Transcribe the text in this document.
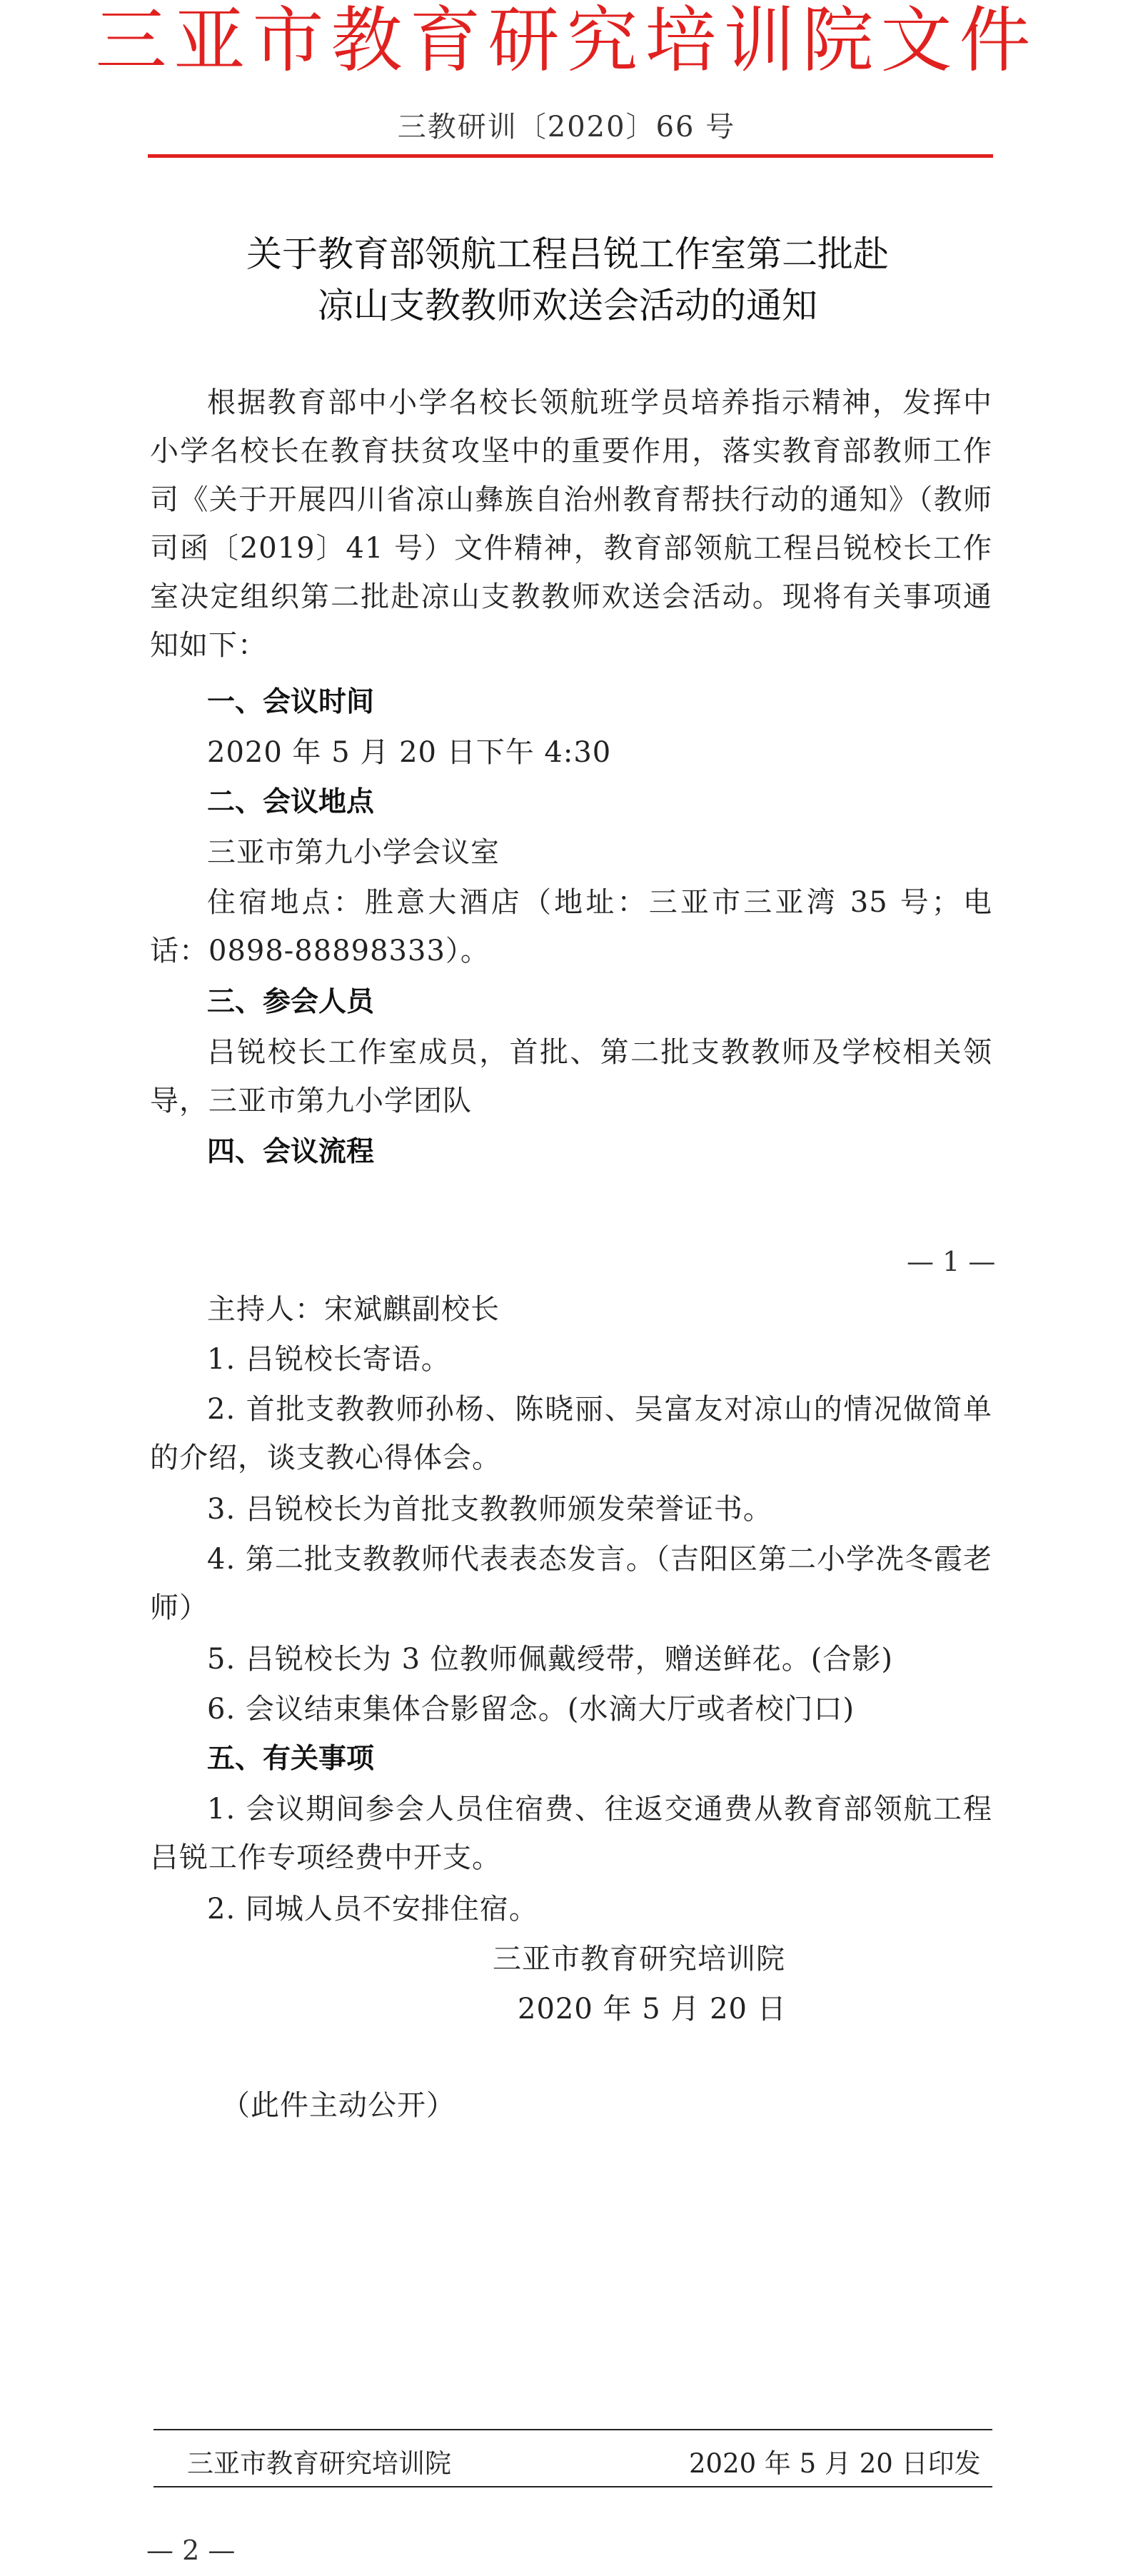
三亚市教育研究培训院文件
三教研训〔2020〕66 号
关于教育部领航工程吕锐工作室第二批赴
凉山支教教师欢送会活动的通知
根据教育部中小学名校长领航班学员培养指示精神，发挥中小学名校长在教育扶贫攻坚中的重要作用，落实教育部教师工作司《关于开展四川省凉山彝族自治州教育帮扶行动的通知》（教师司函〔2019〕41 号）文件精神，教育部领航工程吕锐校长工作室决定组织第二批赴凉山支教教师欢送会活动。现将有关事项通知如下：
一、会议时间
2020 年 5 月 20 日下午 4:30
二、会议地点
三亚市第九小学会议室
住宿地点：胜意大酒店（地址：三亚市三亚湾 35 号；电话：0898-88898333）。
三、参会人员
吕锐校长工作室成员，首批、第二批支教教师及学校相关领导，三亚市第九小学团队
四、会议流程
— 1 —
主持人：宋斌麒副校长
1. 吕锐校长寄语。
2. 首批支教教师孙杨、陈晓丽、吴富友对凉山的情况做简单的介绍，谈支教心得体会。
3. 吕锐校长为首批支教教师颁发荣誉证书。
4. 第二批支教教师代表表态发言。（吉阳区第二小学冼冬霞老师）
5. 吕锐校长为 3 位教师佩戴绶带，赠送鲜花。(合影)
6. 会议结束集体合影留念。(水滴大厅或者校门口)
五、有关事项
1. 会议期间参会人员住宿费、往返交通费从教育部领航工程吕锐工作专项经费中开支。
2. 同城人员不安排住宿。
三亚市教育研究培训院
2020 年 5 月 20 日
（此件主动公开）
三亚市教育研究培训院	2020 年 5 月 20 日印发
— 2 —
